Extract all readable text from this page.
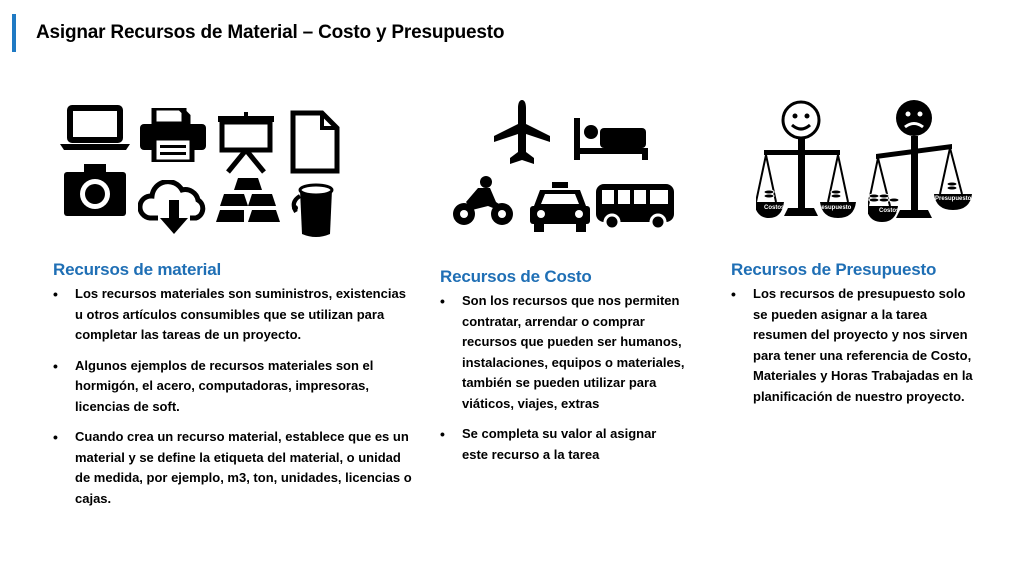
Asignar Recursos de Material – Costo y Presupuesto
Costos	Presupuesto	Costos
Presupuesto
Recursos de material
• Los recursos materiales son suministros, existencias u otros artículos consumibles que se utilizan para completar las tareas de un proyecto.
• Algunos ejemplos de recursos materiales son el hormigón, el acero, computadoras, impresoras, licencias de soft.
• Cuando crea un recurso material, establece que es un material y se define la etiqueta del material, o unidad de medida, por ejemplo, m3, ton, unidades, licencias o cajas.
Recursos de Costo
• Son los recursos que nos permiten contratar, arrendar o comprar recursos que pueden ser humanos, instalaciones, equipos o materiales, también se pueden utilizar para viáticos, viajes, extras
• Se completa su valor al asignar este recurso a la tarea
Recursos de Presupuesto
• Los recursos de presupuesto solo se pueden asignar a la tarea resumen del proyecto y nos sirven para tener una referencia de Costo, Materiales y Horas Trabajadas en la planificación de nuestro proyecto.
